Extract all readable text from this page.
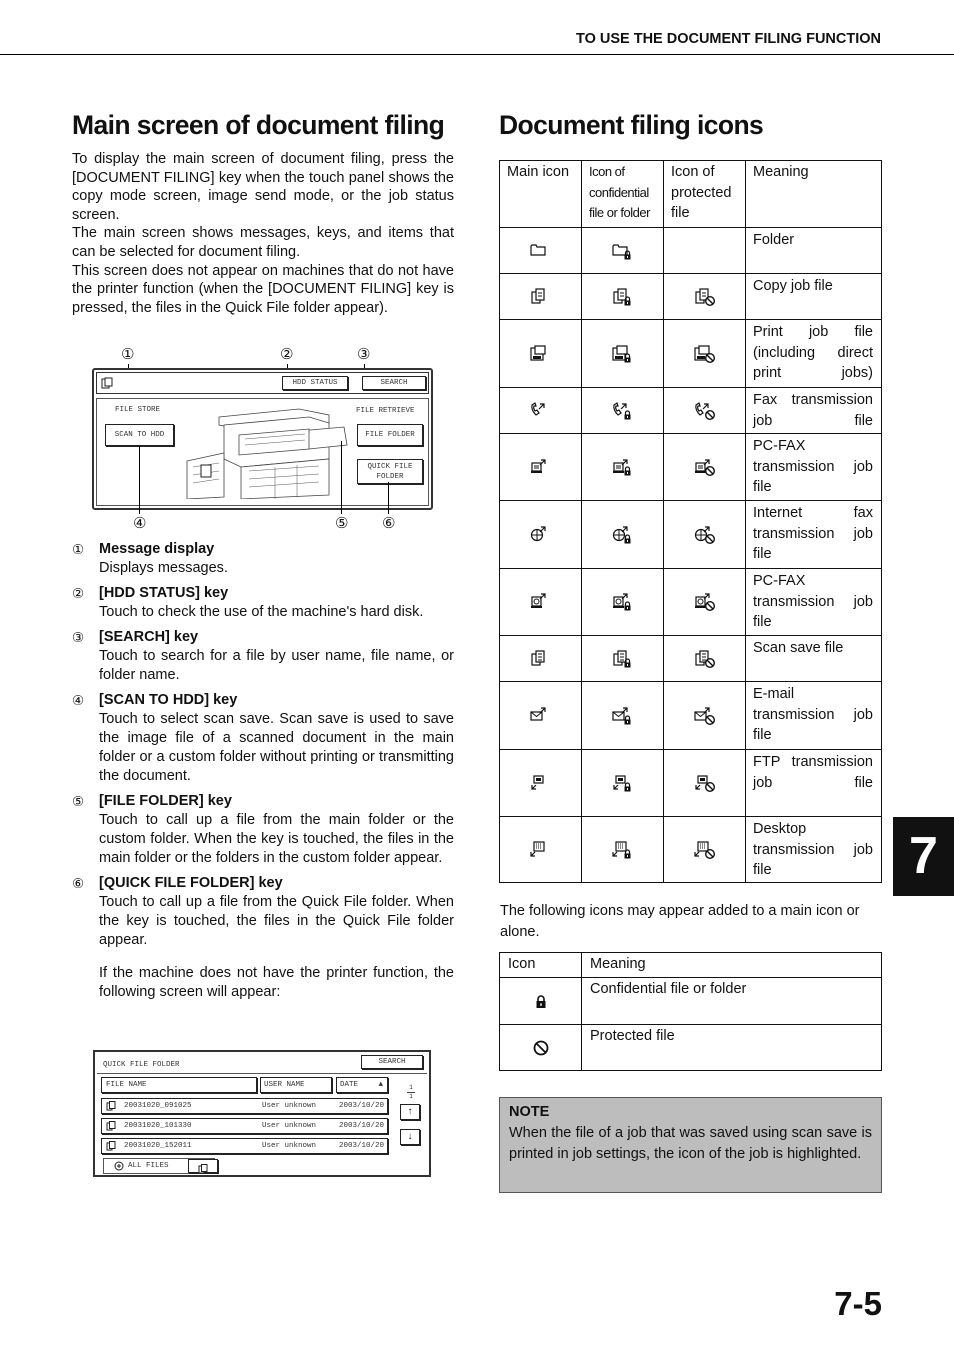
TO USE THE DOCUMENT FILING FUNCTION
Main screen of document filing

To display the main screen of document filing, press the [DOCUMENT FILING] key when the touch panel shows the copy mode screen, image send mode, or the job status screen.

The main screen shows messages, keys, and items that can be selected for document filing.

This screen does not appear on machines that do not have the printer function (when the [DOCUMENT FILING] key is pressed, the files in the Quick File folder appear).

①	②	③
HDD STATUS	SEARCH
FILE STORE	FILE RETRIEVE
SCAN TO HDD	FILE FOLDER
QUICK FILE
FOLDER
④	⑤ ⑥
① Message display
Displays messages.
② [HDD STATUS] key
Touch to check the use of the machine's hard disk.
③ [SEARCH] key
Touch to search for a file by user name, file name, or folder name.
④ [SCAN TO HDD] key
Touch to select scan save. Scan save is used to save the image file of a scanned document in the main folder or a custom folder without printing or transmitting the document.
⑤ [FILE FOLDER] key
Touch to call up a file from the main folder or the custom folder. When the key is touched, the files in the main folder or the folders in the custom folder appear.
⑥ [QUICK FILE FOLDER] key
Touch to call up a file from the Quick File folder. When the key is touched, the files in the Quick File folder appear.
If the machine does not have the printer function, the following screen will appear:
QUICK FILE FOLDER	SEARCH
FILE NAME	USER NAME	DATE	▲	1
1
↑
↓
20031020_091025	User unknown	2003/10/20
20031020_101330	User unknown	2003/10/20
20031020_152011	User unknown	2003/10/20
ALL FILES
Document filing icons
Main icon	Icon of confidential file or folder	Icon of protected file	Meaning
			Folder
			Copy job file
			Print job file (including direct print jobs)
			Fax transmission job file
			PC-FAX transmission job file
			Internet fax transmission job file
			PC-FAX transmission job file
			Scan save file
			E-mail transmission job file
			FTP transmission job file
			Desktop transmission job file
The following icons may appear added to a main icon or alone.
Icon	Meaning
	Confidential file or folder
	Protected file
NOTE
When the file of a job that was saved using scan save is printed in job settings, the icon of the job is highlighted.
7
7-5
